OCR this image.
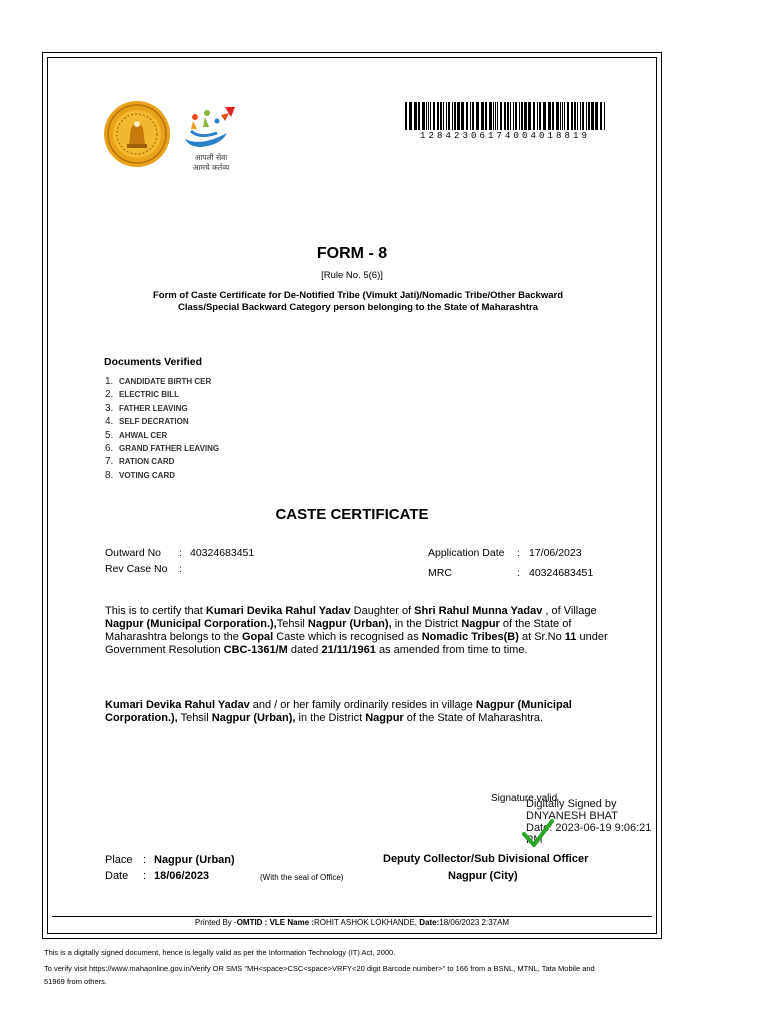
आपली सेवा
आमचे कर्तव्य
12842306174004018819
FORM - 8
[Rule No. 5(6)]
Form of Caste Certificate for De-Notified Tribe (Vimukt Jati)/Nomadic Tribe/Other Backward
Class/Special Backward Category person belonging to the State of Maharashtra
Documents Verified
1. CANDIDATE BIRTH CER
2. ELECTRIC BILL
3. FATHER LEAVING
4. SELF DECRATION
5. AHWAL CER
6. GRAND FATHER LEAVING
7. RATION CARD
8. VOTING CARD
CASTE CERTIFICATE
Outward No : 40324683451
Rev Case No :
Application Date : 17/06/2023
MRC	: 40324683451
This is to certify that Kumari Devika Rahul Yadav Daughter of Shri Rahul Munna Yadav , of Village Nagpur (Municipal Corporation.),Tehsil Nagpur (Urban), in the District Nagpur of the State of Maharashtra belongs to the Gopal Caste which is recognised as Nomadic Tribes(B) at Sr.No 11 under Government Resolution CBC-1361/M dated 21/11/1961 as amended from time to time.
Kumari Devika Rahul Yadav and / or her family ordinarily resides in village Nagpur (Municipal Corporation.), Tehsil Nagpur (Urban), in the District Nagpur of the State of Maharashtra.
Signature valid
Digitally Signed by
DNYANESH BHAT
Date: 2023-06-19 9:06:21 PM
Place : Nagpur (Urban)
Date : 18/06/2023	(With the seal of Office)
Deputy Collector/Sub Divisional Officer
Nagpur (City)
Printed By -OMTID : VLE Name :ROHIT ASHOK LOKHANDE, Date:18/06/2023 2:37AM
This is a digitally signed document, hence is legally valid as per the Information Technology (IT) Act, 2000.
To verify visit https://www.mahaonline.gov.in/Verify OR SMS "MH<space>CSC<space>VRFY<20 digit Barcode number>" to 166 from a BSNL, MTNL, Tata Mobile and
51969 from others.
